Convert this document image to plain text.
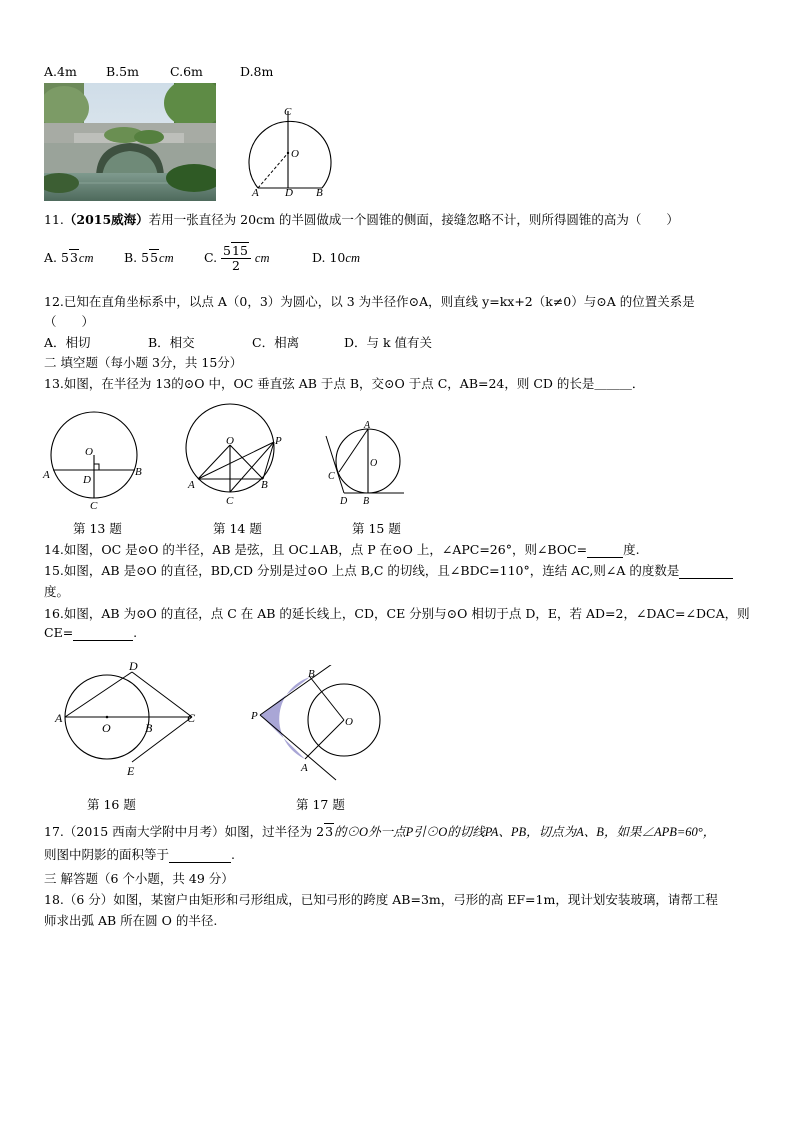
A.4m B.5m C.6m	D.8m
C
O
A D B
11.（2015威海）若用一张直径为 20cm 的半圆做成一个圆锥的侧面，接缝忽略不计，则所得圆锥的高为（　　）
A. 53cm B. 55cm C. $\frac{515}{2}$ cm	D. 10cm
12.已知在直角坐标系中，以点 A（0，3）为圆心，以 3 为半径作⊙A，则直线 y=kx+2（k≠0）与⊙A 的位置关系是
（　　）
A．相切	B．相交	C．相离	D．与 k 值有关
二 填空题（每小题 3分，共 15分）
13.如图，在半径为 13的⊙O 中，OC 垂直弦 AB 于点 B，交⊙O 于点 C，AB=24，则 CD 的长是＿＿＿．
O
A	B
D
C
O	P
A	B
C
A
O
C
D B
第 13 题	第 14 题	第 15 题
14.如图，OC 是⊙O 的半径，AB 是弦，且 OC⊥AB，点 P 在⊙O 上，∠APC=26°，则∠BOC=	度.
15.如图，AB 是⊙O 的直径，BD,CD 分别是过⊙O 上点 B,C 的切线，且∠BDC=110°，连结 AC,则∠A 的度数是
度。
16.如图，AB 为⊙O 的直径，点 C 在 AB 的延长线上，CD，CE 分别与⊙O 相切于点 D，E，若 AD=2，∠DAC=∠DCA，则
CE=	.
D
A
O	B
C
E
B
P	O
A
第 16 题	第 17 题
17.（2015 西南大学附中月考）如图，过半径为 23的⊙O外一点P引⊙O的切线PA、PB，切点为A、B，如果∠APB=60°，
则图中阴影的面积等于	.
三 解答题（6 个小题，共 49 分）
18.（6 分）如图，某窗户由矩形和弓形组成，已知弓形的跨度 AB=3m，弓形的高 EF=1m，现计划安装玻璃，请帮工程
师求出弧 AB 所在圆 O 的半径.
